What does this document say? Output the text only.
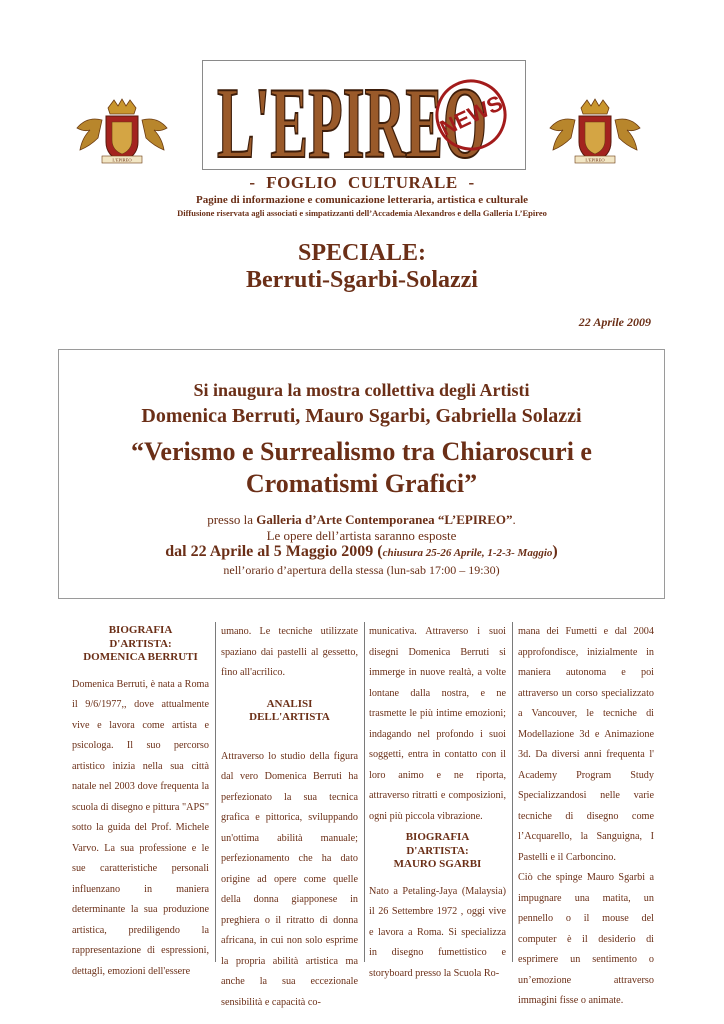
L'EPIREO	L'EPIREO
L'EPIREO
NEWS
- FOGLIO CULTURALE -
Pagine di informazione e comunicazione letteraria, artistica e culturale
Diffusione riservata agli associati e simpatizzanti dell’Accademia Alexandros e della Galleria L’Epireo
SPECIALE:
Berruti-Sgarbi-Solazzi
22 Aprile 2009
Si inaugura la mostra collettiva degli Artisti
Domenica Berruti, Mauro Sgarbi, Gabriella Solazzi
“Verismo e Surrealismo tra Chiaroscuri e
Cromatismi Grafici”
presso la Galleria d’Arte Contemporanea “L’EPIREO”.
Le opere dell’artista saranno esposte
dal 22 Aprile al 5 Maggio 2009 (chiusura 25-26 Aprile, 1-2-3- Maggio)
nell’orario d’apertura della stessa (lun-sab 17:00 – 19:30)
BIOGRAFIA
D'ARTISTA:
DOMENICA BERRUTI

Domenica Berruti, è nata a Roma il 9/6/1977,, dove attualmente vive e lavora come artista e psicologa. Il suo percorso artistico inizia nella sua città natale nel 2003 dove frequenta la scuola di disegno e pittura "APS" sotto la guida del Prof. Michele Varvo. La sua professione e le sue caratteristiche personali influenzano in maniera determinante la sua produzione artistica, prediligendo la rappresentazione di espressioni, dettagli, emozioni dell'essere

umano. Le tecniche utilizzate spaziano dai pastelli al gessetto, fino all'acrilico.

ANALISI
DELL'ARTISTA

Attraverso lo studio della figura dal vero Domenica Berruti ha perfezionato la sua tecnica grafica e pittorica, sviluppando un'ottima abilità manuale; perfezionamento che ha dato origine ad opere come quelle della donna giapponese in preghiera o il ritratto di donna africana, in cui non solo esprime la propria abilità artistica ma anche la sua eccezionale sensibilità e capacità co-

municativa. Attraverso i suoi disegni Domenica Berruti si immerge in nuove realtà, a volte lontane dalla nostra, e ne trasmette le più intime emozioni; indagando nel profondo i suoi soggetti, entra in contatto con il loro animo e ne riporta, attraverso ritratti e composizioni, ogni più piccola vibrazione.

BIOGRAFIA
D'ARTISTA:
MAURO SGARBI

Nato a Petaling-Jaya (Malaysia) il 26 Settembre 1972 , oggi vive e lavora a Roma. Si specializza in disegno fumettistico e storyboard presso la Scuola Ro-

mana dei Fumetti e dal 2004 approfondisce, inizialmente in maniera autonoma e poi attraverso un corso specializzato a Vancouver, le tecniche di Modellazione 3d e Animazione 3d. Da diversi anni frequenta l' Academy Program Study Specializzandosi nelle varie tecniche di disegno come l’Acquarello, la Sanguigna, I Pastelli e il Carboncino.

Ciò che spinge Mauro Sgarbi a impugnare una matita, un pennello o il mouse del computer è il desiderio di esprimere un sentimento o un’emozione attraverso immagini fisse o animate.
